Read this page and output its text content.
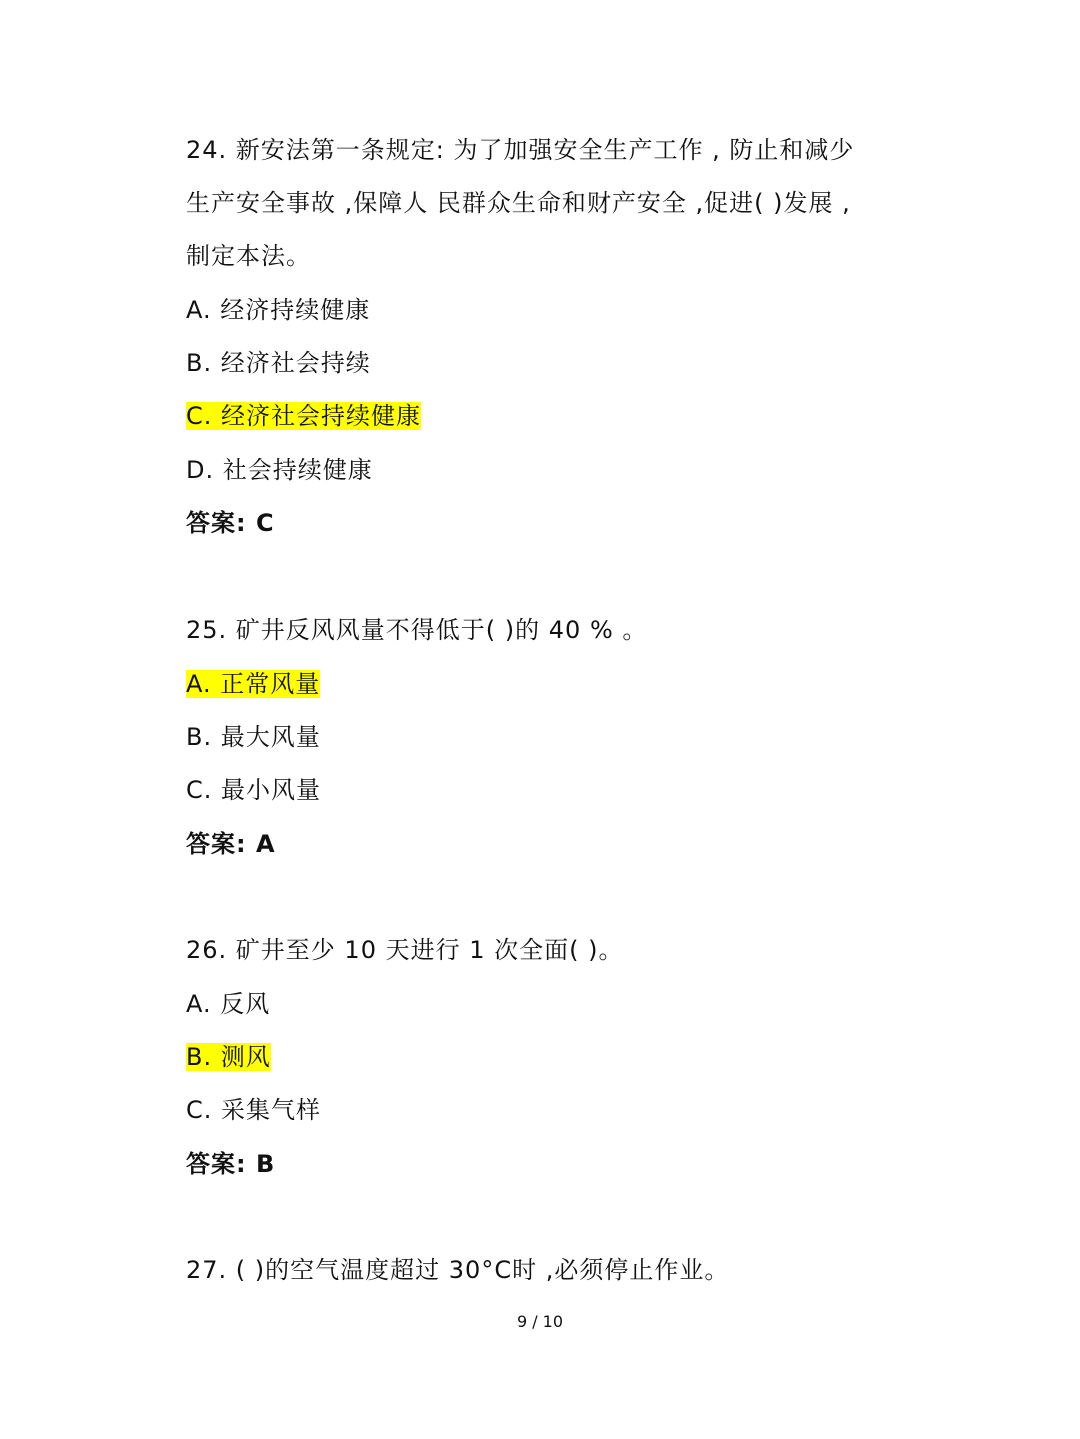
24. 新安法第一条规定: 为了加强安全生产工作 , 防止和减少
生产安全事故 ,保障人 民群众生命和财产安全 ,促进( )发展 ,
制定本法。
A. 经济持续健康
B. 经济社会持续
C. 经济社会持续健康
D. 社会持续健康
答案: C
25. 矿井反风风量不得低于( )的 40 % 。
A. 正常风量
B. 最大风量
C. 最小风量
答案: A
26. 矿井至少 10 天进行 1 次全面( )。
A. 反风
B. 测风
C. 采集气样
答案: B
27. ( )的空气温度超过 30°C时 ,必须停止作业。
9 / 10
